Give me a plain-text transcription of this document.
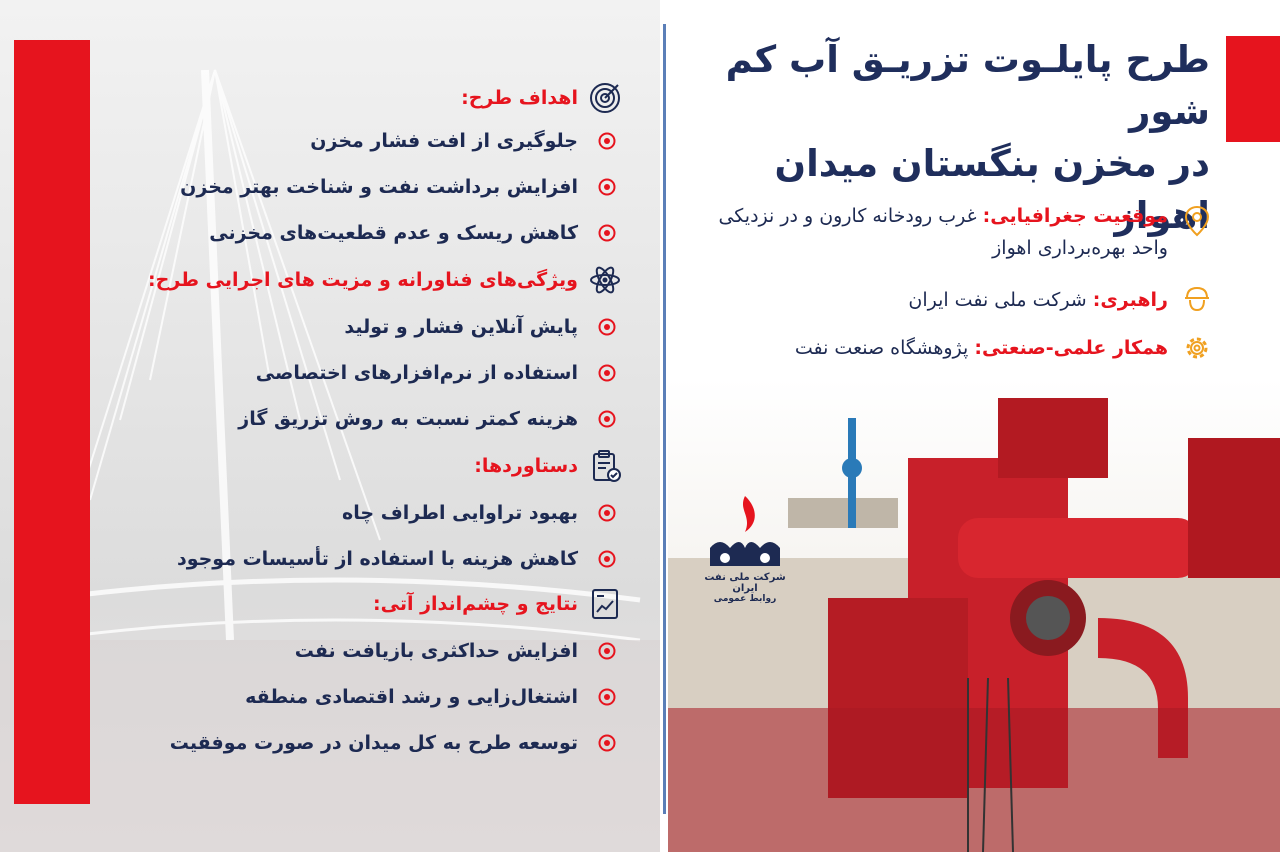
طرح پایلـوت تزریـق آب کم شور
در مخزن بنگستان میدان اهواز
موقعیت جغرافیایی: غرب رودخانه کارون و در نزدیکی واحد بهره‌برداری اهواز
راهبری: شرکت ملی نفت ایران
همکار علمی-صنعتی: پژوهشگاه صنعت نفت
شرکت ملی نفت ایران
روابط عمومی
اهداف طرح:
جلوگیری از افت فشار مخزن
افزایش برداشت نفت و شناخت بهتر مخزن
کاهش ریسک و عدم قطعیت‌های مخزنی
ویژگی‌های فناورانه و مزیت های اجرایی طرح:
پایش آنلاین فشار و تولید
استفاده از نرم‌افزارهای اختصاصی
هزینه کمتر نسبت به روش تزریق گاز
دستاوردها:
بهبود تراوایی اطراف چاه
کاهش هزینه با استفاده از تأسیسات موجود
نتایج و چشم‌انداز آتی:
افزایش حداکثری بازیافت نفت
اشتغال‌زایی و رشد اقتصادی منطقه
توسعه طرح به کل میدان در صورت موفقیت
